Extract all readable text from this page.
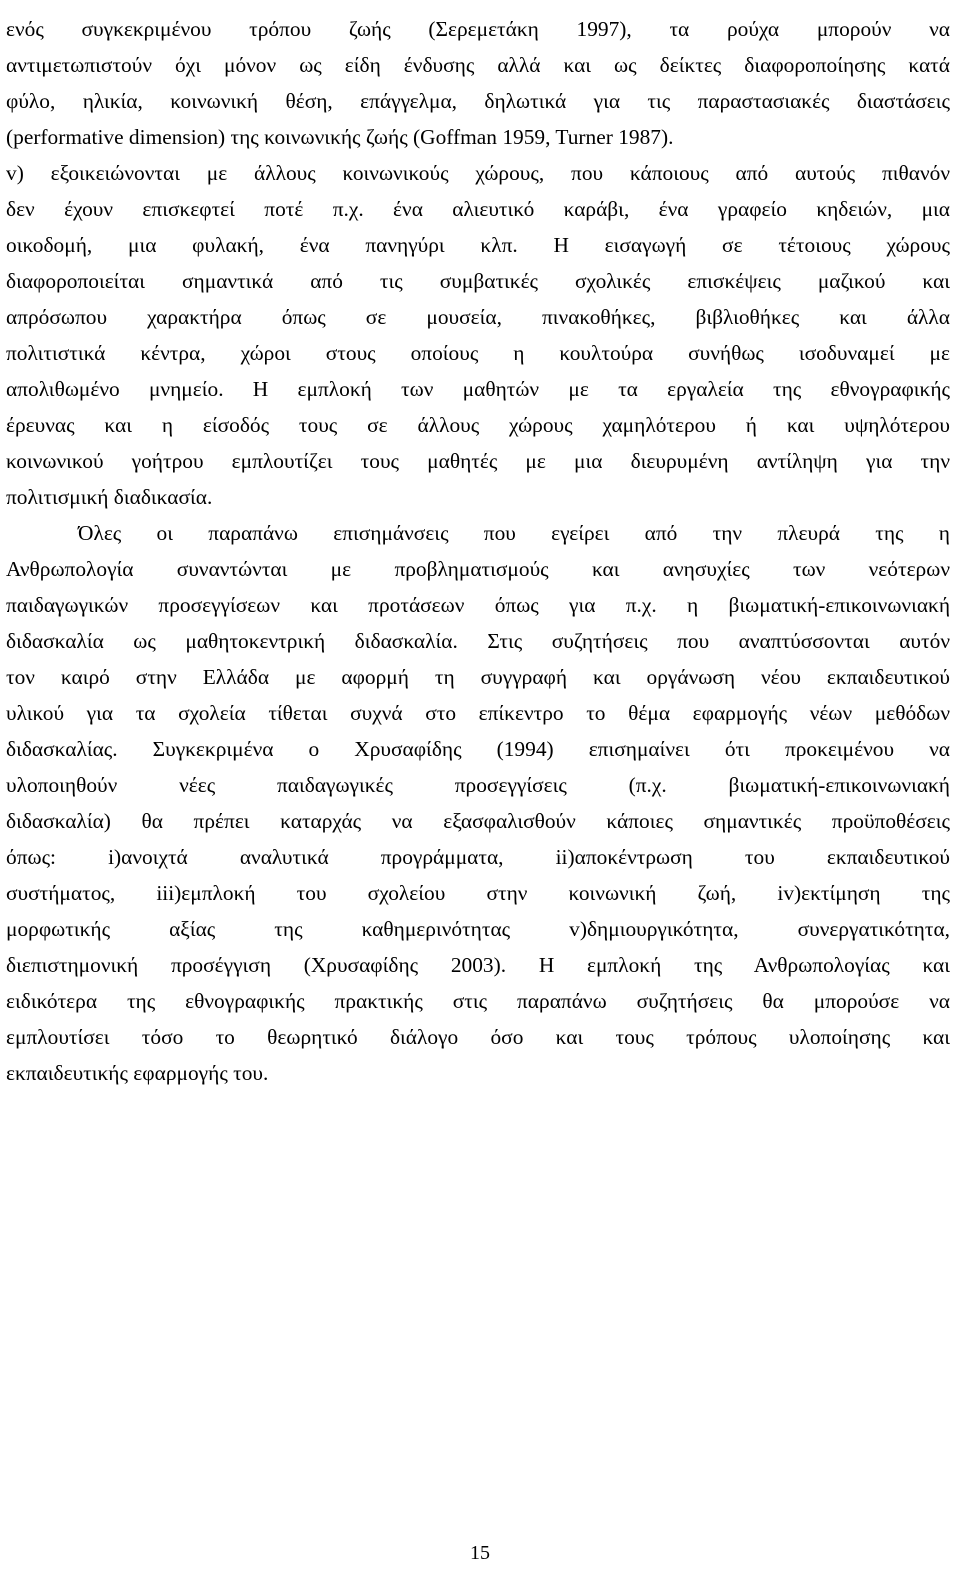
ενός συγκεκριμένου τρόπου ζωής (Σερεμετάκη 1997), τα ρούχα μπορούν να
αντιμετωπιστούν όχι μόνον ως είδη ένδυσης αλλά και ως δείκτες διαφοροποίησης κατά
φύλο, ηλικία, κοινωνική θέση, επάγγελμα, δηλωτικά για τις παραστασιακές διαστάσεις
(performative dimension) της κοινωνικής ζωής (Goffman 1959, Turner 1987).
v) εξοικειώνονται με άλλους κοινωνικούς χώρους, που κάποιους από αυτούς πιθανόν
δεν έχουν επισκεφτεί ποτέ π.χ. ένα αλιευτικό καράβι, ένα γραφείο κηδειών, μια
οικοδομή, μια φυλακή, ένα πανηγύρι κλπ. Η εισαγωγή σε τέτοιους χώρους
διαφοροποιείται σημαντικά από τις συμβατικές σχολικές επισκέψεις μαζικού και
απρόσωπου χαρακτήρα όπως σε μουσεία, πινακοθήκες, βιβλιοθήκες και άλλα
πολιτιστικά κέντρα, χώροι στους οποίους η κουλτούρα συνήθως ισοδυναμεί με
απολιθωμένο μνημείο. Η εμπλοκή των μαθητών με τα εργαλεία της εθνογραφικής
έρευνας και η είσοδός τους σε άλλους χώρους χαμηλότερου ή και υψηλότερου
κοινωνικού γοήτρου εμπλουτίζει τους μαθητές με μια διευρυμένη αντίληψη για την
πολιτισμική διαδικασία.
Όλες οι παραπάνω επισημάνσεις που εγείρει από την πλευρά της η
Ανθρωπολογία συναντώνται με προβληματισμούς και ανησυχίες των νεότερων
παιδαγωγικών προσεγγίσεων και προτάσεων όπως για π.χ. η βιωματική-επικοινωνιακή
διδασκαλία ως μαθητοκεντρική διδασκαλία. Στις συζητήσεις που αναπτύσσονται αυτόν
τον καιρό στην Ελλάδα με αφορμή τη συγγραφή και οργάνωση νέου εκπαιδευτικού
υλικού για τα σχολεία τίθεται συχνά στο επίκεντρο το θέμα εφαρμογής νέων μεθόδων
διδασκαλίας. Συγκεκριμένα ο Χρυσαφίδης (1994) επισημαίνει ότι προκειμένου να
υλοποιηθούν νέες παιδαγωγικές προσεγγίσεις (π.χ. βιωματική-επικοινωνιακή
διδασκαλία) θα πρέπει καταρχάς να εξασφαλισθούν κάποιες σημαντικές προϋποθέσεις
όπως: i)ανοιχτά αναλυτικά προγράμματα, ii)αποκέντρωση του εκπαιδευτικού
συστήματος, iii)εμπλοκή του σχολείου στην κοινωνική ζωή, iv)εκτίμηση της
μορφωτικής αξίας της καθημερινότητας v)δημιουργικότητα, συνεργατικότητα,
διεπιστημονική προσέγγιση (Χρυσαφίδης 2003). Η εμπλοκή της Ανθρωπολογίας και
ειδικότερα της εθνογραφικής πρακτικής στις παραπάνω συζητήσεις θα μπορούσε να
εμπλουτίσει τόσο το θεωρητικό διάλογο όσο και τους τρόπους υλοποίησης και
εκπαιδευτικής εφαρμογής του.
15
